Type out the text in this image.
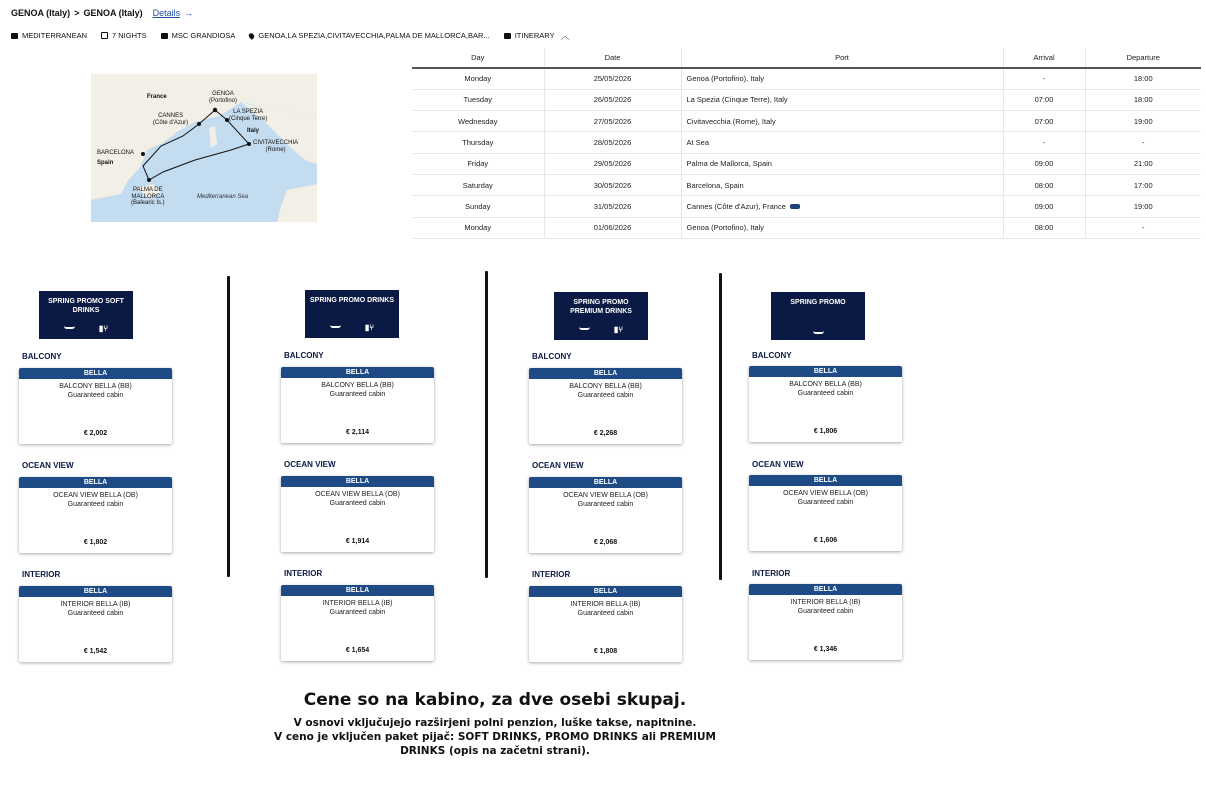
GENOA (Italy) > GENOA (Italy) Details →
MEDITERRANEAN	7 NIGHTS	MSC GRANDIOSA	GENOA,LA SPEZIA,CIVITAVECCHIA,PALMA DE MALLORCA,BAR...	ITINERARY ︿
France
Spain
Italy
Mediterranean Sea
GENOA
(Portofino)
LA SPEZIA
(Cinque Terre)
CIVITAVECCHIA
(Rome)
CANNES
(Côte d'Azur)
BARCELONA
PALMA DE
MALLORCA
(Balearic Is.)
Day	Date	Port	Arrival	Departure
Monday	25/05/2026	Genoa (Portofino), Italy	-	18:00
Tuesday	26/05/2026	La Spezia (Cinque Terre), Italy	07:00	18:00
Wednesday	27/05/2026	Civitavecchia (Rome), Italy	07:00	19:00
Thursday	28/05/2026	At Sea	-	-
Friday	29/05/2026	Palma de Mallorca, Spain	09:00	21:00
Saturday	30/05/2026	Barcelona, Spain	08:00	17:00
Sunday	31/05/2026	Cannes (Côte d'Azur), France	09:00	19:00
Monday	01/06/2026	Genoa (Portofino), Italy	08:00	-
SPRING PROMO SOFT DRINKS
▮⑂
BALCONY
BELLA
BALCONY BELLA (BB)
Guaranteed cabin
€ 2,002
OCEAN VIEW
BELLA
OCEAN VIEW BELLA (OB)
Guaranteed cabin
€ 1,802
INTERIOR
BELLA
INTERIOR BELLA (IB)
Guaranteed cabin
€ 1,542
SPRING PROMO DRINKS
▮⑂
BALCONY
BELLA
BALCONY BELLA (BB)
Guaranteed cabin
€ 2,114
OCEAN VIEW
BELLA
OCEAN VIEW BELLA (OB)
Guaranteed cabin
€ 1,914
INTERIOR
BELLA
INTERIOR BELLA (IB)
Guaranteed cabin
€ 1,654
SPRING PROMO PREMIUM DRINKS
▮⑂
BALCONY
BELLA
BALCONY BELLA (BB)
Guaranteed cabin
€ 2,268
OCEAN VIEW
BELLA
OCEAN VIEW BELLA (OB)
Guaranteed cabin
€ 2,068
INTERIOR
BELLA
INTERIOR BELLA (IB)
Guaranteed cabin
€ 1,808
SPRING PROMO
BALCONY
BELLA
BALCONY BELLA (BB)
Guaranteed cabin
€ 1,806
OCEAN VIEW
BELLA
OCEAN VIEW BELLA (OB)
Guaranteed cabin
€ 1,606
INTERIOR
BELLA
INTERIOR BELLA (IB)
Guaranteed cabin
€ 1,346
Cene so na kabino, za dve osebi skupaj.
V osnovi vključujejo razširjeni polni penzion, luške takse, napitnine.
V ceno je vključen paket pijač: SOFT DRINKS, PROMO DRINKS ali PREMIUM
DRINKS (opis na začetni strani).
